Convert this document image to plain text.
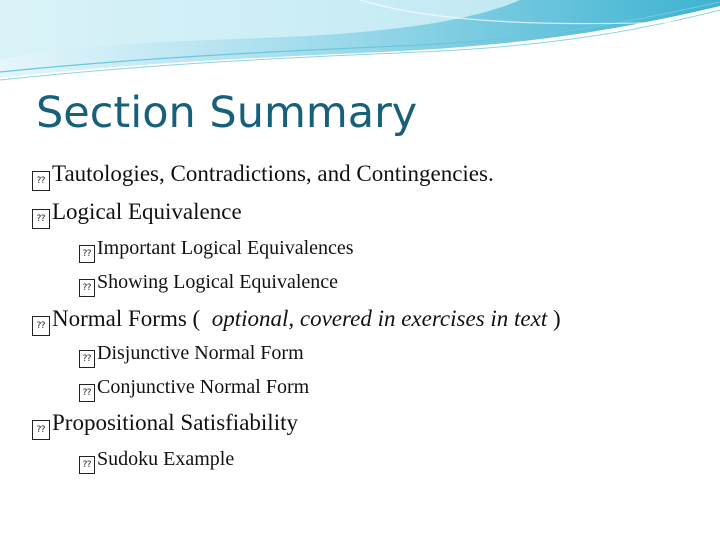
Section Summary
⁇ Tautologies, Contradictions, and Contingencies.
⁇ Logical Equivalence
⁇ Important Logical Equivalences
⁇ Showing Logical Equivalence
⁇ Normal Forms ( optional, covered in exercises in text )
⁇ Disjunctive Normal Form
⁇ Conjunctive Normal Form
⁇ Propositional Satisfiability
⁇ Sudoku Example
